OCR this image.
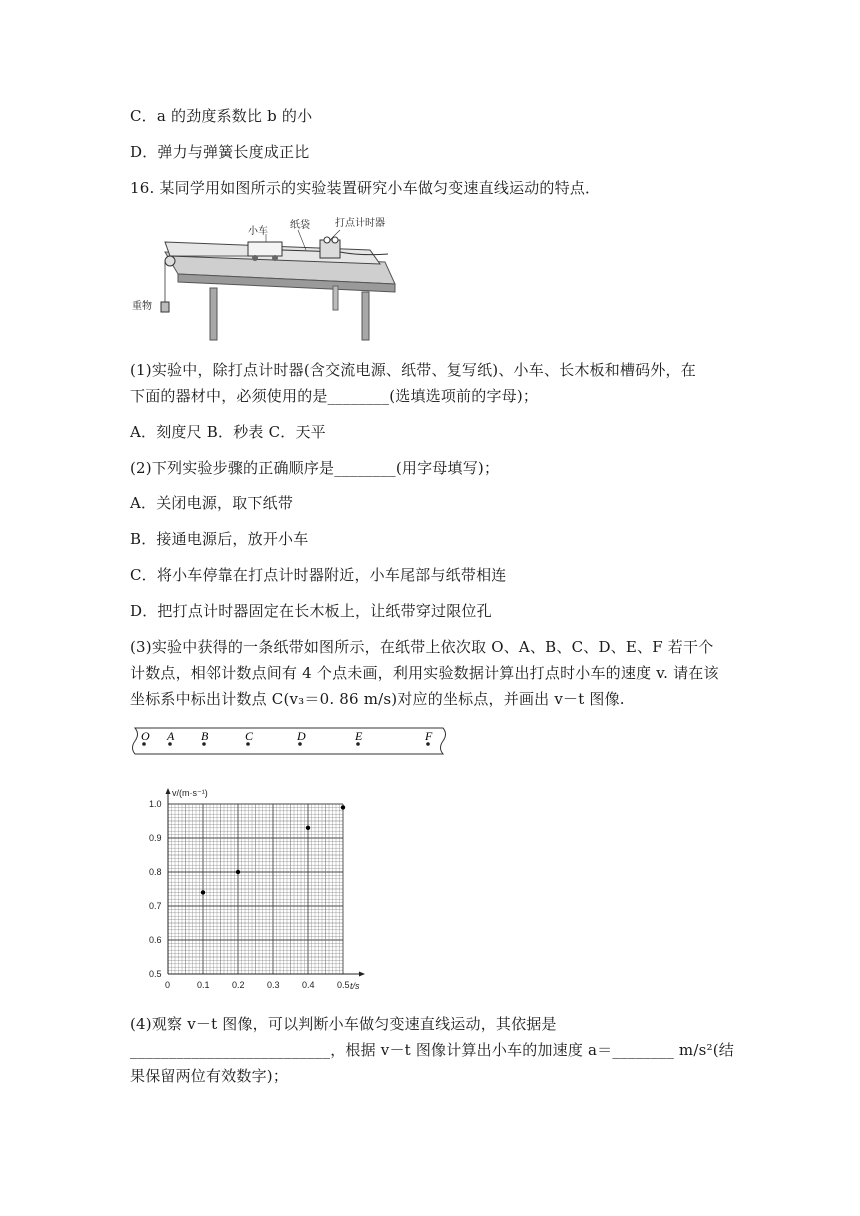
C．a 的劲度系数比 b 的小
D．弹力与弹簧长度成正比
16. 某同学用如图所示的实验装置研究小车做匀变速直线运动的特点．
小车
纸袋	打点计时器
重物
(1)实验中，除打点计时器(含交流电源、纸带、复写纸)、小车、长木板和槽码外，在
下面的器材中，必须使用的是________(选填选项前的字母)；
A．刻度尺 B．秒表 C．天平
(2)下列实验步骤的正确顺序是________(用字母填写)；
A．关闭电源，取下纸带
B．接通电源后，放开小车
C．将小车停靠在打点计时器附近，小车尾部与纸带相连
D．把打点计时器固定在长木板上，让纸带穿过限位孔
(3)实验中获得的一条纸带如图所示，在纸带上依次取 O、A、B、C、D、E、F 若干个
计数点，相邻计数点间有 4 个点未画，利用实验数据计算出打点时小车的速度 v. 请在该
坐标系中标出计数点 C(v₃＝0. 86 m/s)对应的坐标点，并画出 v－t 图像.
O A B	C	D	E	F
0	0.1 0.2 0.3 0.4 0.5
0.5
0.6
0.7
0.8
0.9
1.0
v/(m·s⁻¹)
t/s
(4)观察 v－t 图像，可以判断小车做匀变速直线运动，其依据是
__________________________，根据 v－t 图像计算出小车的加速度 a＝________ m/s²(结
果保留两位有效数字)；
